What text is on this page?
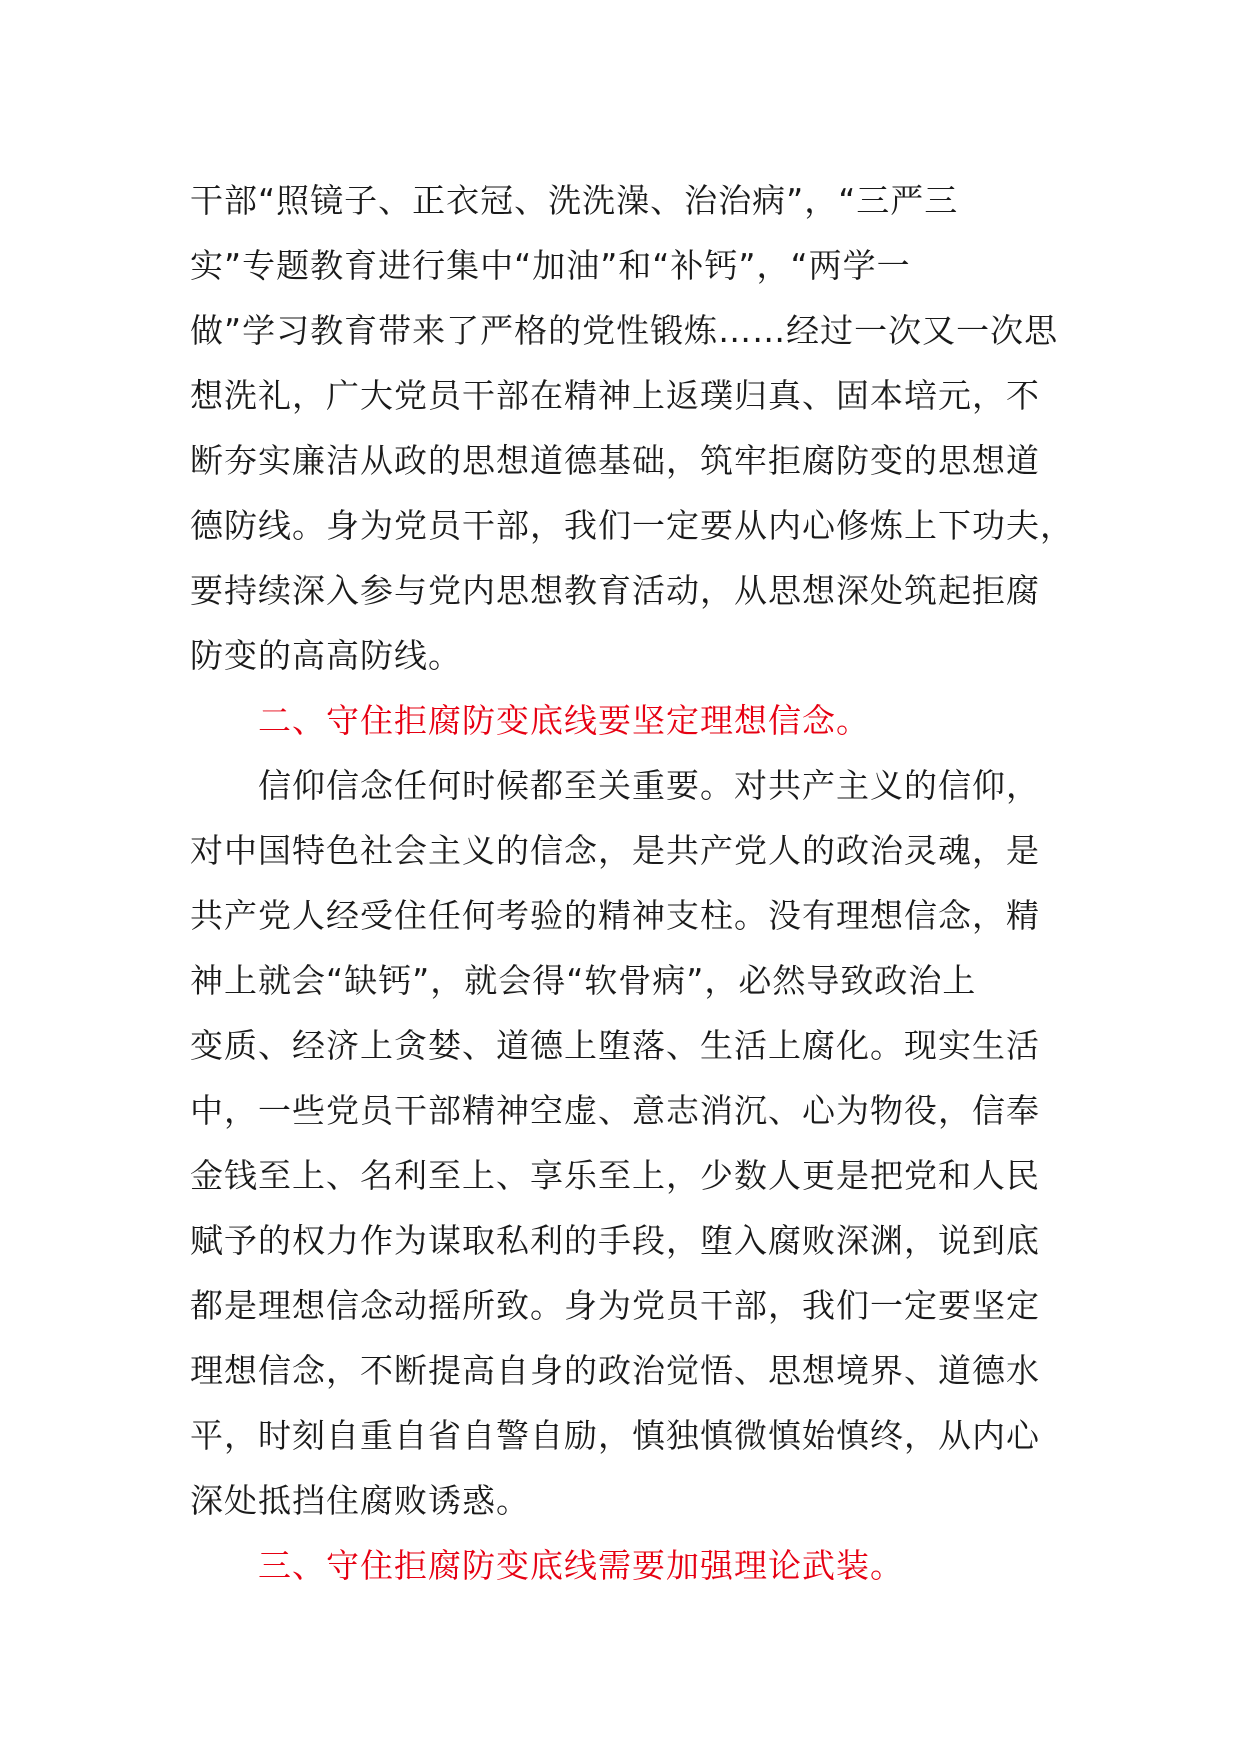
干部“照镜子、正衣冠、洗洗澡、治治病”，“三严三
实”专题教育进行集中“加油”和“补钙”，“两学一
做”学习教育带来了严格的党性锻炼……经过一次又一次思
想洗礼，广大党员干部在精神上返璞归真、固本培元，不
断夯实廉洁从政的思想道德基础，筑牢拒腐防变的思想道
德防线。身为党员干部，我们一定要从内心修炼上下功夫，
要持续深入参与党内思想教育活动，从思想深处筑起拒腐
防变的高高防线。
二、守住拒腐防变底线要坚定理想信念。
信仰信念任何时候都至关重要。对共产主义的信仰，
对中国特色社会主义的信念，是共产党人的政治灵魂，是
共产党人经受住任何考验的精神支柱。没有理想信念，精
神上就会“缺钙”，就会得“软骨病”，必然导致政治上
变质、经济上贪婪、道德上堕落、生活上腐化。现实生活
中，一些党员干部精神空虚、意志消沉、心为物役，信奉
金钱至上、名利至上、享乐至上，少数人更是把党和人民
赋予的权力作为谋取私利的手段，堕入腐败深渊，说到底
都是理想信念动摇所致。身为党员干部，我们一定要坚定
理想信念，不断提高自身的政治觉悟、思想境界、道德水
平，时刻自重自省自警自励，慎独慎微慎始慎终，从内心
深处抵挡住腐败诱惑。
三、守住拒腐防变底线需要加强理论武装。
